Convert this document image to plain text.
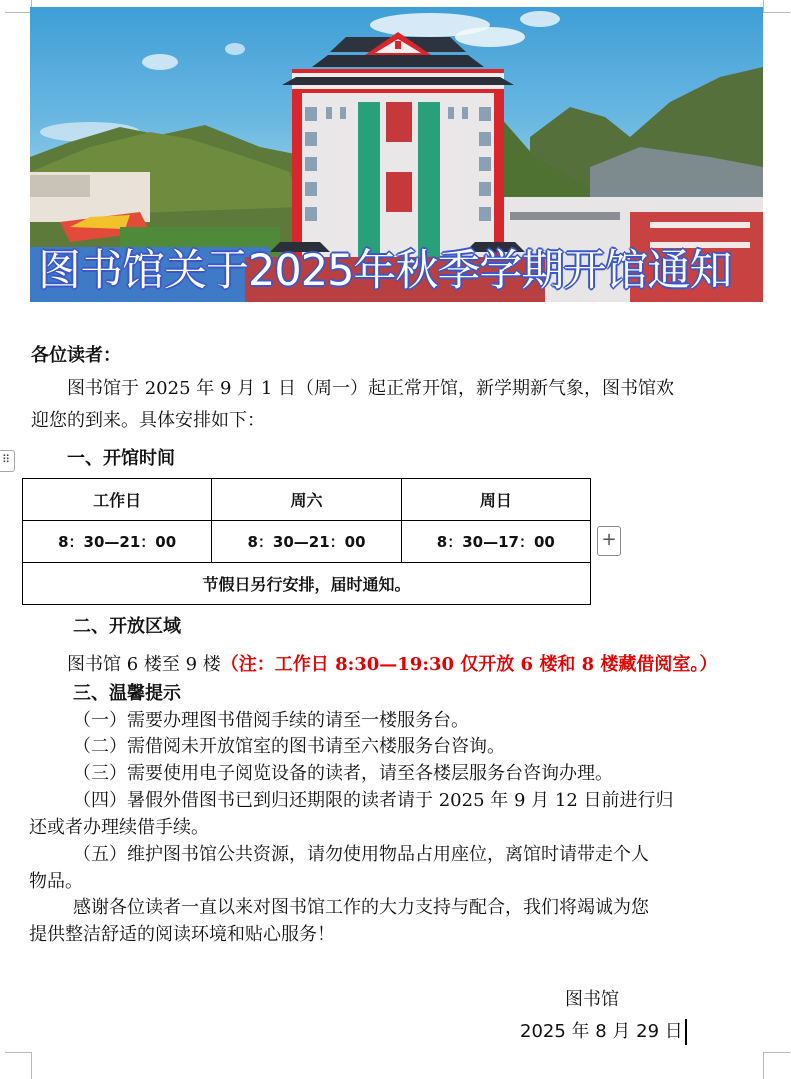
图书馆关于2025年秋季学期开馆通知
各位读者：
图书馆于 2025 年 9 月 1 日（周一）起正常开馆，新学期新气象，图书馆欢
迎您的到来。具体安排如下：
⠿	一、开馆时间
工作日	周六	周日
8：30—21：00	8：30—21：00	8：30—17：00
节假日另行安排，届时通知。		
+
二、开放区域
图书馆 6 楼至 9 楼（注：工作日 8:30—19:30 仅开放 6 楼和 8 楼藏借阅室。）
三、温馨提示
（一）需要办理图书借阅手续的请至一楼服务台。
（二）需借阅未开放馆室的图书请至六楼服务台咨询。
（三）需要使用电子阅览设备的读者，请至各楼层服务台咨询办理。
（四）暑假外借图书已到归还期限的读者请于 2025 年 9 月 12 日前进行归
还或者办理续借手续。
（五）维护图书馆公共资源，请勿使用物品占用座位，离馆时请带走个人
物品。
感谢各位读者一直以来对图书馆工作的大力支持与配合，我们将竭诚为您
提供整洁舒适的阅读环境和贴心服务！
图书馆
2025 年 8 月 29 日
